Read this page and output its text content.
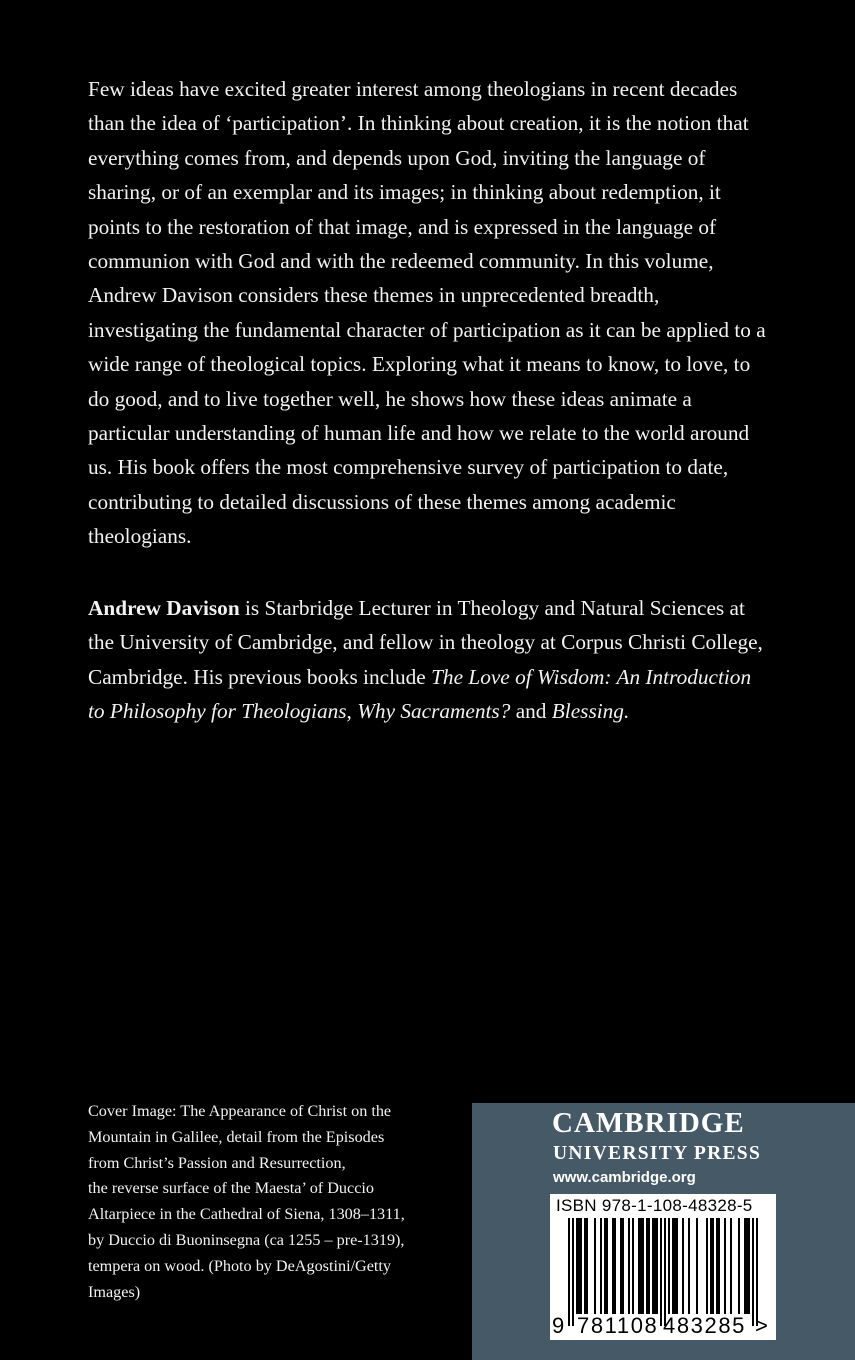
Few ideas have excited greater interest among theologians in recent decades than the idea of ‘participation’. In thinking about creation, it is the notion that everything comes from, and depends upon God, inviting the language of sharing, or of an exemplar and its images; in thinking about redemption, it points to the restoration of that image, and is expressed in the language of communion with God and with the redeemed community. In this volume, Andrew Davison considers these themes in unprecedented breadth, investigating the fundamental character of participation as it can be applied to a wide range of theological topics. Exploring what it means to know, to love, to do good, and to live together well, he shows how these ideas animate a particular understanding of human life and how we relate to the world around us. His book offers the most comprehensive survey of participation to date, contributing to detailed discussions of these themes among academic theologians.

Andrew Davison is Starbridge Lecturer in Theology and Natural Sciences at the University of Cambridge, and fellow in theology at Corpus Christi College, Cambridge. His previous books include The Love of Wisdom: An Introduction to Philosophy for Theologians, Why Sacraments? and Blessing.

Cover Image: The Appearance of Christ on the
Mountain in Galilee, detail from the Episodes
from Christ’s Passion and Resurrection,
the reverse surface of the Maesta’ of Duccio
Altarpiece in the Cathedral of Siena, 1308–1311,
by Duccio di Buoninsegna (ca 1255 – pre-1319),
tempera on wood. (Photo by DeAgostini/Getty
Images)
CAMBRIDGE
UNIVERSITY PRESS
www.cambridge.org
ISBN 978-1-108-48328-5
9 781108 483285 >
